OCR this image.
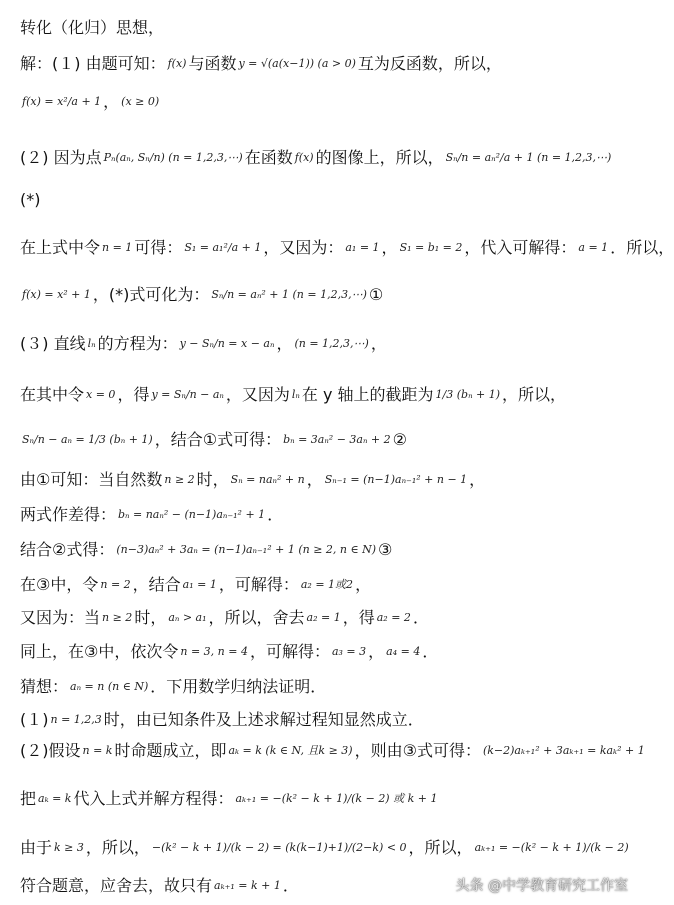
转化（化归）思想，
解：(１) 由题可知： f(x) 与函数 y = √(a(x−1)) (a > 0) 互为反函数，所以，
f(x) = x²/a + 1 ， (x ≥ 0)
(２) 因为点 Pₙ(aₙ, Sₙ/n) (n = 1,2,3,⋯) 在函数 f(x) 的图像上，所以， Sₙ/n = aₙ²/a + 1 (n = 1,2,3,⋯)
(*)
在上式中令 n = 1 可得： S₁ = a₁²/a + 1 ，又因为： a₁ = 1 ， S₁ = b₁ = 2 ，代入可解得： a = 1 ．所以，
f(x) = x² + 1 ，(*)式可化为： Sₙ/n = aₙ² + 1 (n = 1,2,3,⋯) ①
(３) 直线 lₙ 的方程为： y − Sₙ/n = x − aₙ ， (n = 1,2,3,⋯) ，
在其中令 x = 0 ，得 y = Sₙ/n − aₙ ，又因为 lₙ 在 y 轴上的截距为 1/3 (bₙ + 1) ，所以，
Sₙ/n − aₙ = 1/3 (bₙ + 1) ，结合①式可得： bₙ = 3aₙ² − 3aₙ + 2 ②
由①可知：当自然数 n ≥ 2 时， Sₙ = naₙ² + n ， Sₙ₋₁ = (n−1)aₙ₋₁² + n − 1 ，
两式作差得： bₙ = naₙ² − (n−1)aₙ₋₁² + 1 ．
结合②式得： (n−3)aₙ² + 3aₙ = (n−1)aₙ₋₁² + 1 (n ≥ 2, n ∈ N) ③
在③中，令 n = 2 ，结合 a₁ = 1 ，可解得： a₂ = 1或2 ，
又因为：当 n ≥ 2 时， aₙ > a₁ ，所以，舍去 a₂ = 1 ，得 a₂ = 2 ．
同上，在③中，依次令 n = 3, n = 4 ，可解得： a₃ = 3 ， a₄ = 4 ．
猜想： aₙ = n (n ∈ N) ．下用数学归纳法证明．
(１) n = 1,2,3 时，由已知条件及上述求解过程知显然成立．
(２)假设 n = k 时命题成立，即 aₖ = k (k ∈ N, 且k ≥ 3) ，则由③式可得： (k−2)aₖ₊₁² + 3aₖ₊₁ = kaₖ² + 1
把 aₖ = k 代入上式并解方程得： aₖ₊₁ = −(k² − k + 1)/(k − 2) 或 k + 1
由于 k ≥ 3 ，所以， −(k² − k + 1)/(k − 2) = (k(k−1)+1)/(2−k) < 0 ，所以， aₖ₊₁ = −(k² − k + 1)/(k − 2)
符合题意，应舍去，故只有 aₖ₊₁ = k + 1 ．	头条 @中学教育研究工作室
